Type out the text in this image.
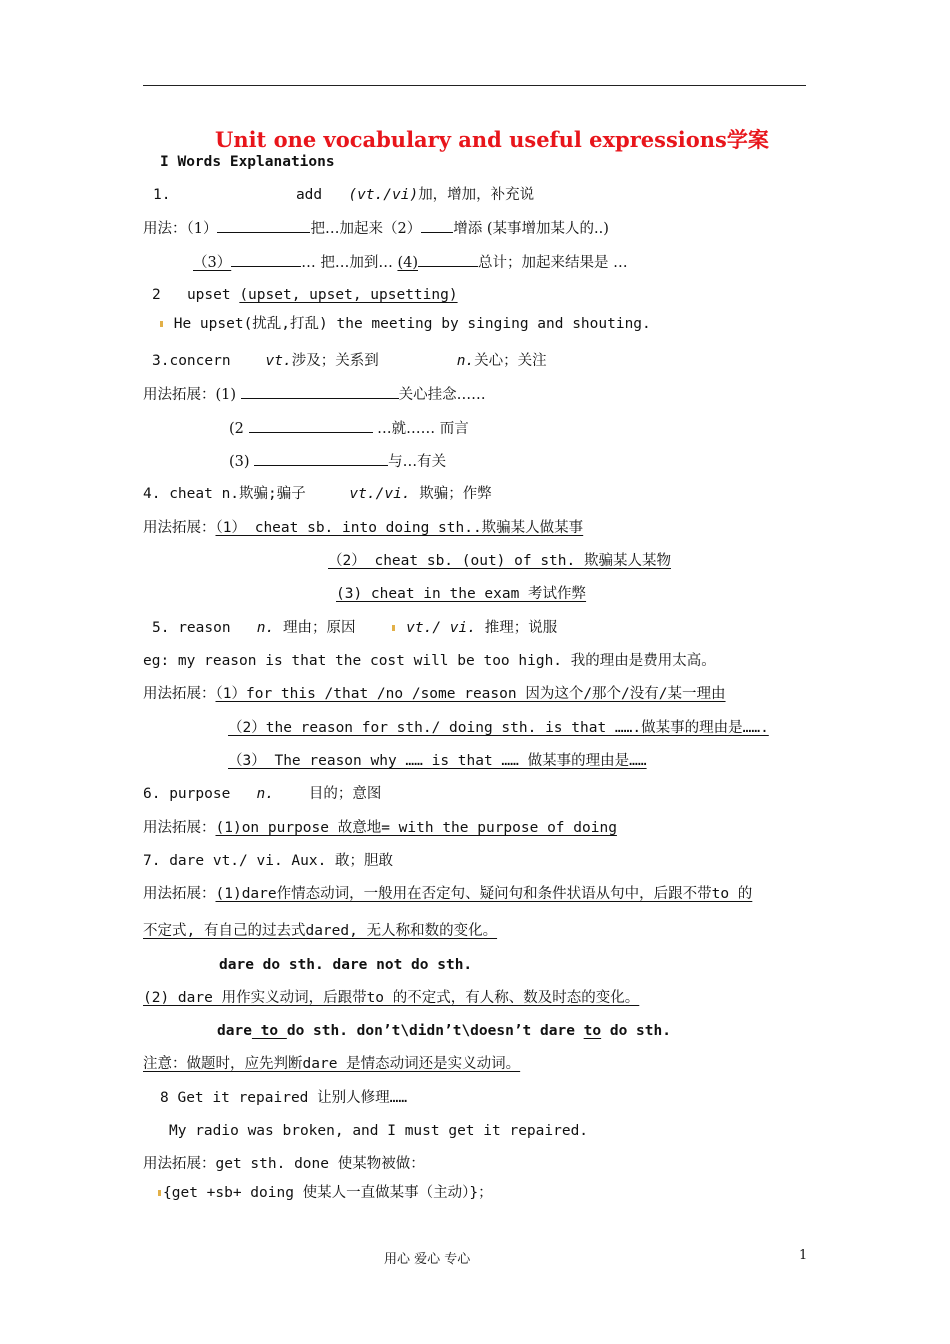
Unit one vocabulary and useful expressions学案
I Words Explanations
1.	add (vt./vi)加，增加，补充说
用法：（1）	把…加起来（2） 增添 (某事增加某人的..)
（3）	… 把…加到… (4)	总计；加起来结果是 …
2 upset (upset, upset, upsetting)
He upset(扰乱,打乱) the meeting by singing and shouting.
3.concern vt.涉及；关系到	n.关心；关注
用法拓展：(1)	关心挂念……
(2	…就…… 而言
(3)	与…有关
4. cheat n.欺骗;骗子	vt./vi. 欺骗；作弊
用法拓展：（1） cheat sb. into doing sth..欺骗某人做某事
（2） cheat sb. (out) of sth. 欺骗某人某物
(3) cheat in the exam 考试作弊
5. reason n. 理由；原因	vt./ vi. 推理；说服
eg: my reason is that the cost will be too high. 我的理由是费用太高。
用法拓展：（1）for this /that /no /some reason 因为这个/那个/没有/某一理由
（2）the reason for sth./ doing sth. is that …….做某事的理由是…….
（3） The reason why …… is that …… 做某事的理由是……
6. purpose n. 目的；意图
用法拓展：(1)on purpose 故意地= with the purpose of doing
7. dare vt./ vi. Aux. 敢；胆敢
用法拓展：(1)dare作情态动词，一般用在否定句、疑问句和条件状语从句中，后跟不带to 的
不定式, 有自己的过去式dared, 无人称和数的变化。
dare do sth. dare not do sth.
(2) dare 用作实义动词，后跟带to 的不定式，有人称、数及时态的变化。
dare to do sth. don’t\didn’t\doesn’t dare to do sth.
注意：做题时，应先判断dare 是情态动词还是实义动词。
8 Get it repaired 让别人修理……
My radio was broken, and I must get it repaired.
用法拓展：get sth. done 使某物被做：
{get +sb+ doing 使某人一直做某事（主动）}；
用心 爱心 专心	1
